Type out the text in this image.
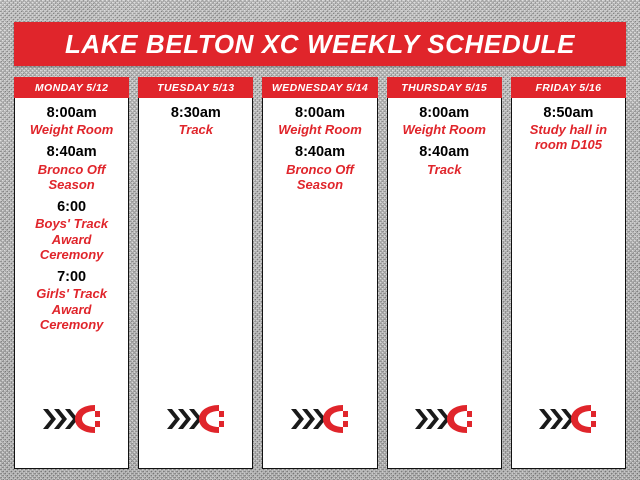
LAKE BELTON XC WEEKLY SCHEDULE
MONDAY 5/12
8:00am
Weight Room
8:40am
Bronco Off Season
6:00
Boys' Track Award Ceremony
7:00
Girls' Track Award Ceremony
TUESDAY 5/13
8:30am
Track
WEDNESDAY 5/14
8:00am
Weight Room
8:40am
Bronco Off Season
THURSDAY 5/15
8:00am
Weight Room
8:40am
Track
FRIDAY 5/16
8:50am
Study hall in room D105
